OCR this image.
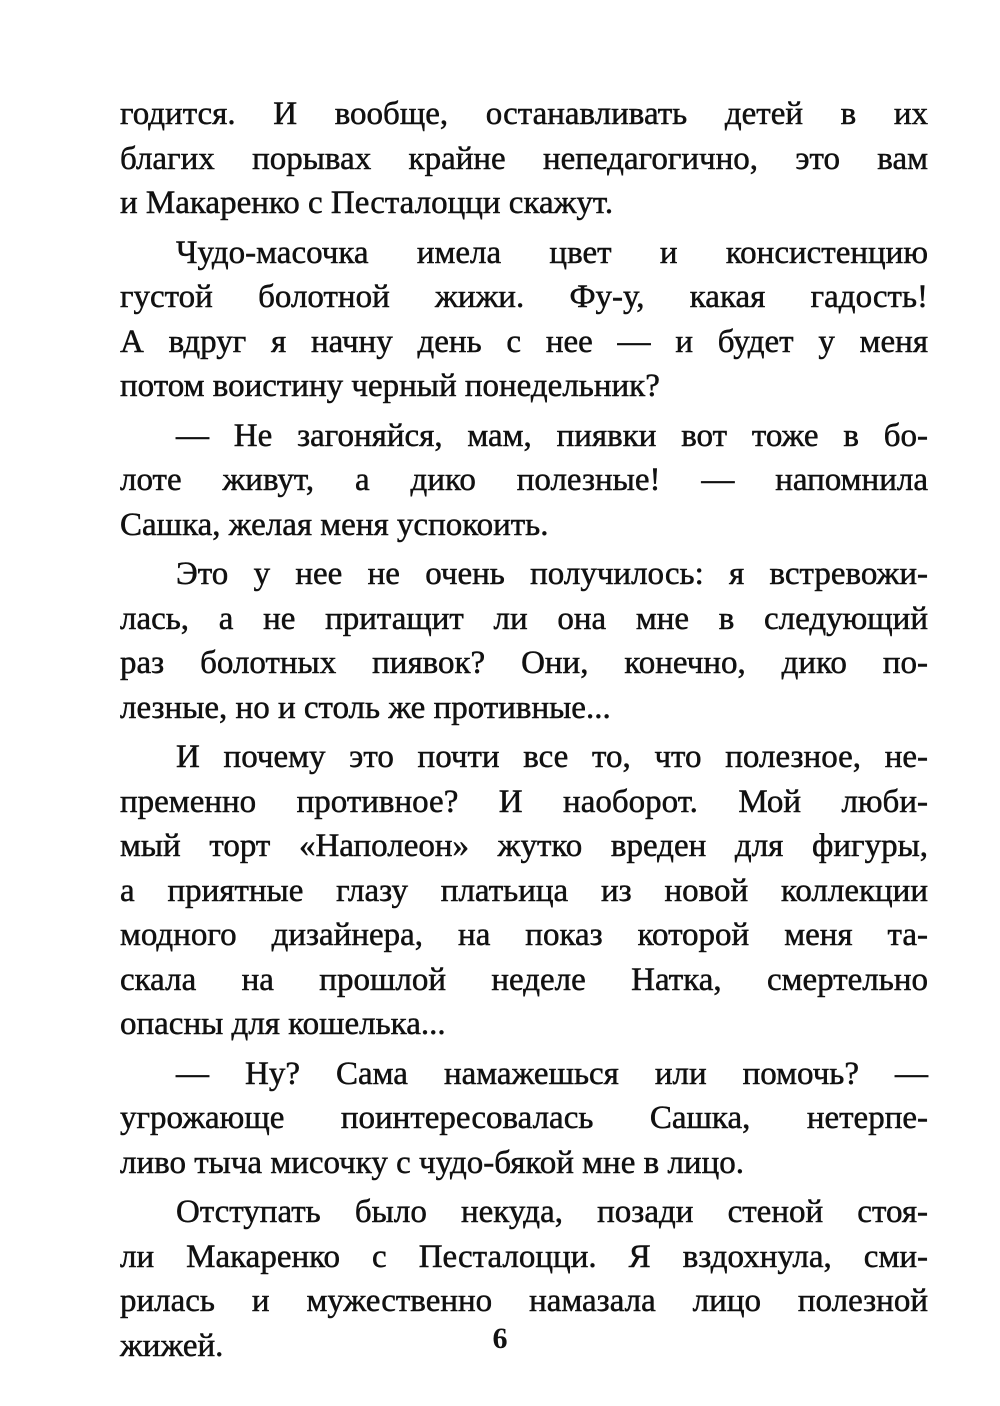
годится. И вообще, останавливать детей в их
благих порывах крайне непедагогично, это вам
и Макаренко с Песталоцци скажут.
Чудо-масочка имела цвет и консистенцию
густой болотной жижи. Фу-у, какая гадость!
А вдруг я начну день с нее — и будет у меня
потом воистину черный понедельник?
— Не загоняйся, мам, пиявки вот тоже в бо-
лоте живут, а дико полезные! — напомнила
Сашка, желая меня успокоить.
Это у нее не очень получилось: я встревожи-
лась, а не притащит ли она мне в следующий
раз болотных пиявок? Они, конечно, дико по-
лезные, но и столь же противные...
И почему это почти все то, что полезное, не-
пременно противное? И наоборот. Мой люби-
мый торт «Наполеон» жутко вреден для фигуры,
а приятные глазу платьица из новой коллекции
модного дизайнера, на показ которой меня та-
скала на прошлой неделе Натка, смертельно
опасны для кошелька...
— Ну? Сама намажешься или помочь? —
угрожающе поинтересовалась Сашка, нетерпе-
ливо тыча мисочку с чудо-бякой мне в лицо.
Отступать было некуда, позади стеной стоя-
ли Макаренко с Песталоцци. Я вздохнула, сми-
рилась и мужественно намазала лицо полезной
жижей.	6
